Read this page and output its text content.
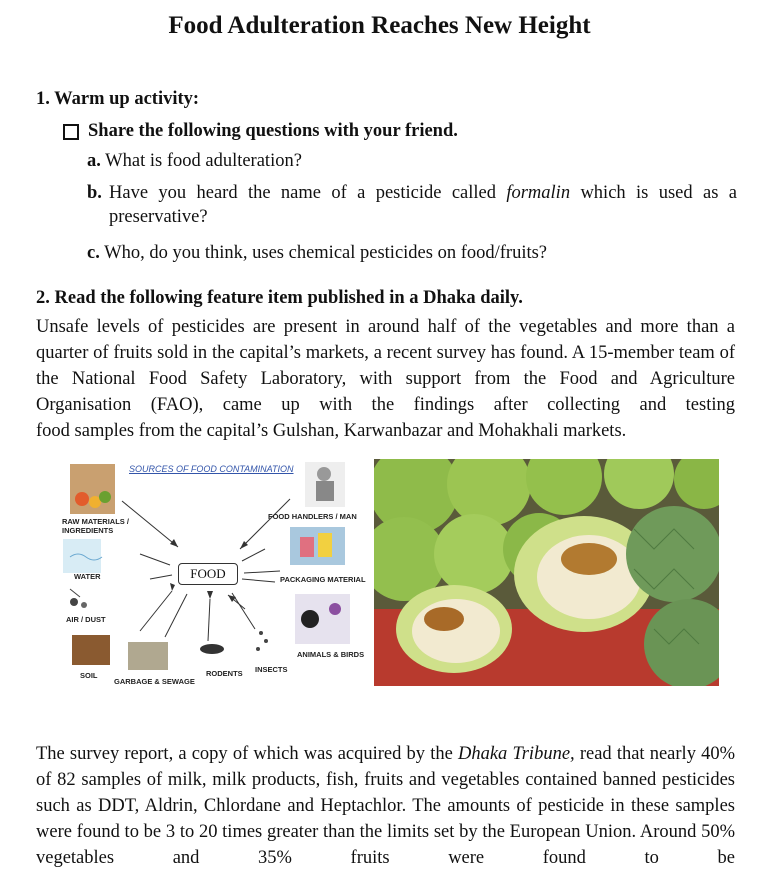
Food Adulteration Reaches New Height
1. Warm up activity:
Share the following questions with your friend.
a. What is food adulteration?
b. Have you heard the name of a pesticide called formalin which is used as a preservative?
c. Who, do you think, uses chemical pesticides on food/fruits?
2. Read the following feature item published in a Dhaka daily.
Unsafe levels of pesticides are present in around half of the vegetables and more than a quarter of fruits sold in the capital’s markets, a recent survey has found. A 15-member team of the National Food Safety Laboratory, with support from the Food and Agriculture Organisation (FAO), came up with the findings after collecting and testing
food samples from the capital’s Gulshan, Karwanbazar and Mohakhali markets.
SOURCES OF FOOD CONTAMINATION
FOOD
RAW MATERIALS / INGREDIENTS
FOOD HANDLERS / MAN
WATER	PACKAGING MATERIAL
AIR / DUST
ANIMALS & BIRDS
SOIL
GARBAGE & SEWAGE
RODENTS INSECTS
The survey report, a copy of which was acquired by the Dhaka Tribune, read that nearly 40% of 82 samples of milk, milk products, fish, fruits and vegetables contained banned pesticides such as DDT, Aldrin, Chlordane and Heptachlor. The amounts of pesticide in these samples were found to be 3 to 20 times greater than the limits set by the European Union. Around 50% vegetables and 35% fruits were found to be
